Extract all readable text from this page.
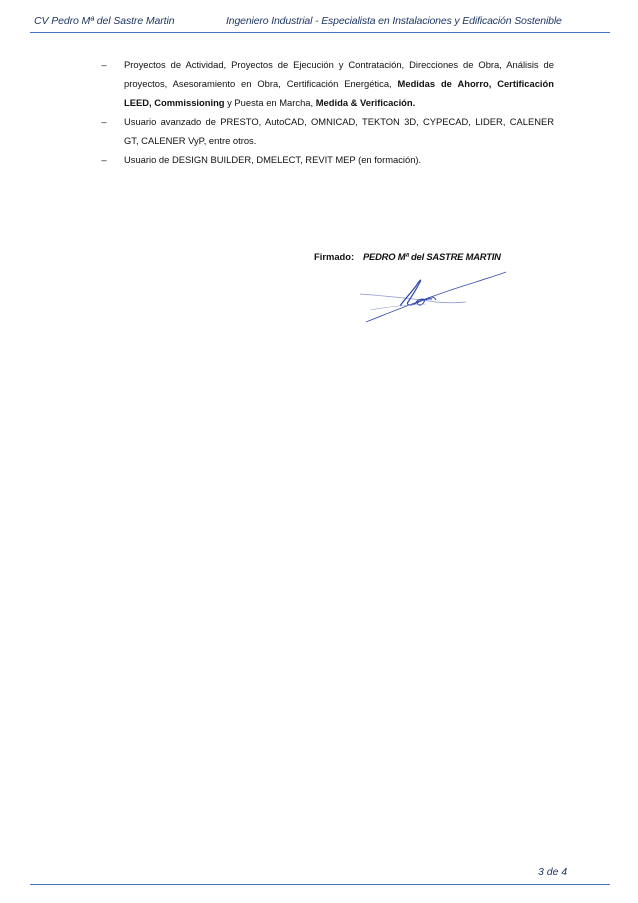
CV Pedro Mª del Sastre Martin	Ingeniero Industrial - Especialista en Instalaciones y Edificación Sostenible
–	Proyectos de Actividad, Proyectos de Ejecución y Contratación, Direcciones de Obra, Análisis de proyectos, Asesoramiento en Obra, Certificación Energética, Medidas de Ahorro, Certificación LEED, Commissioning y Puesta en Marcha, Medida & Verificación.
–	Usuario avanzado de PRESTO, AutoCAD, OMNICAD, TEKTON 3D, CYPECAD, LIDER, CALENER GT, CALENER VyP, entre otros.
–	Usuario de DESIGN BUILDER, DMELECT, REVIT MEP (en formación).
Firmado: PEDRO Mª del SASTRE MARTIN
3 de 4
